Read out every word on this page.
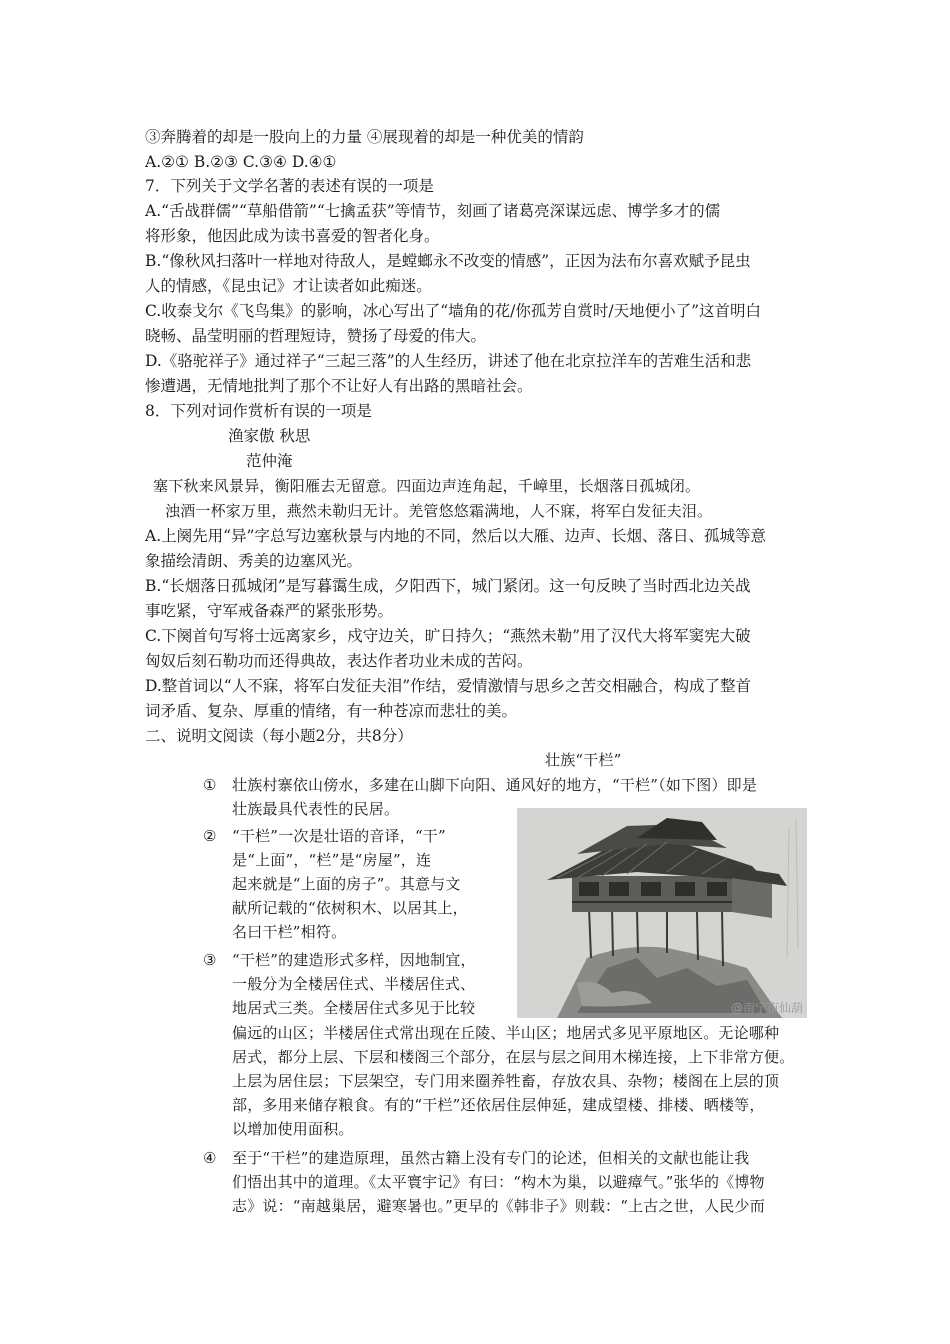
③奔腾着的却是一股向上的力量 ④展现着的却是一种优美的情韵
A.②① B.②③ C.③④ D.④①
7．下列关于文学名著的表述有误的一项是
A.“舌战群儒”“草船借箭”“七擒孟获”等情节，刻画了诸葛亮深谋远虑、博学多才的儒
将形象，他因此成为读书喜爱的智者化身。
B.“像秋风扫落叶一样地对待敌人，是螳螂永不改变的情感”，正因为法布尔喜欢赋予昆虫
人的情感，《昆虫记》才让读者如此痴迷。
C.收泰戈尔《飞鸟集》的影响，冰心写出了“墙角的花/你孤芳自赏时/天地便小了”这首明白
晓畅、晶莹明丽的哲理短诗，赞扬了母爱的伟大。
D.《骆驼祥子》通过祥子“三起三落”的人生经历，讲述了他在北京拉洋车的苦难生活和悲
惨遭遇，无情地批判了那个不让好人有出路的黑暗社会。
8．下列对词作赏析有误的一项是
渔家傲 秋思
范仲淹
塞下秋来风景异，衡阳雁去无留意。四面边声连角起，千嶂里，长烟落日孤城闭。
浊酒一杯家万里，燕然未勒归无计。羌管悠悠霜满地，人不寐，将军白发征夫泪。
A.上阕先用“异”字总写边塞秋景与内地的不同，然后以大雁、边声、长烟、落日、孤城等意
象描绘清朗、秀美的边塞风光。
B.“长烟落日孤城闭”是写暮霭生成，夕阳西下，城门紧闭。这一句反映了当时西北边关战
事吃紧，守军戒备森严的紧张形势。
C.下阕首句写将士远离家乡，戍守边关，旷日持久；“燕然未勒”用了汉代大将军窦宪大破
匈奴后刻石勒功而还得典故，表达作者功业未成的苦闷。
D.整首词以“人不寐，将军白发征夫泪”作结，爱情激情与思乡之苦交相融合，构成了整首
词矛盾、复杂、厚重的情绪，有一种苍凉而悲壮的美。
二、说明文阅读（每小题2分，共8分）
壮族“干栏”
① 壮族村寨依山傍水，多建在山脚下向阳、通风好的地方，“干栏”（如下图）即是
壮族最具代表性的民居。
② “干栏”一次是壮语的音译，“干”
是“上面”，“栏”是“房屋”，连
起来就是“上面的房子”。其意与文
献所记载的“依树积木、以居其上，
名曰干栏”相符。
③ “干栏”的建造形式多样，因地制宜，
一般分为全楼居住式、半楼居住式、
地居式三类。全楼居住式多见于比较
偏远的山区；半楼居住式常出现在丘陵、半山区；地居式多见平原地区。无论哪种
居式，都分上层、下层和楼阁三个部分，在层与层之间用木梯连接，上下非常方便。
上层为居住层；下层架空，专门用来圈养牲畜，存放农具、杂物；楼阁在上层的顶
部，多用来储存粮食。有的“干栏”还依居住层伸延，建成望楼、排楼、晒楼等，
以增加使用面积。
④ 至于“干栏”的建造原理，虽然古籍上没有专门的论述，但相关的文献也能让我
们悟出其中的道理。《太平寰宇记》有曰：“构木为巢，以避瘴气。”张华的《博物
志》说：“南越巢居，避寒暑也。”更早的《韩非子》则载：“上古之世，人民少而
@南宁市仙葫
